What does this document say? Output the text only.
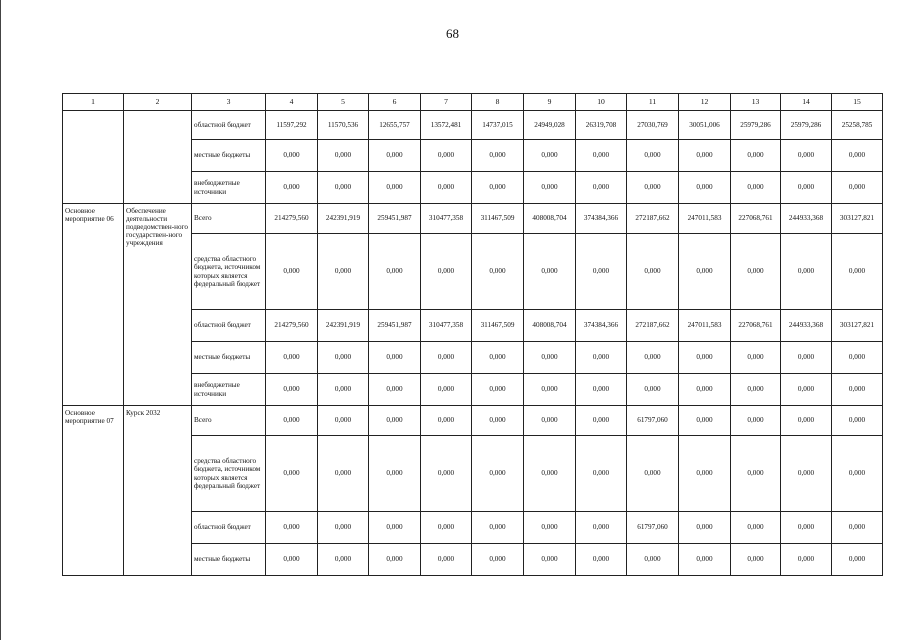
68
1	2	3	4	5	6	7	8	9	10	11	12	13	14	15
		областной бюджет	11597,292	11570,536	12655,757	13572,481	14737,015	24949,028	26319,708	27030,769	30051,006	25979,286	25979,286	25258,785
		местные бюджеты	0,000	0,000	0,000	0,000	0,000	0,000	0,000	0,000	0,000	0,000	0,000	0,000
		внебюджетные источники	0,000	0,000	0,000	0,000	0,000	0,000	0,000	0,000	0,000	0,000	0,000	0,000
Основное мероприятие 06	Обеспечение деятельности подведомствен-ного государствен-ного учреждения	Всего	214279,560	242391,919	259451,987	310477,358	311467,509	408008,704	374384,366	272187,662	247011,583	227068,761	244933,368	303127,821
		средства областного бюджета, источником которых является федеральный бюджет	0,000	0,000	0,000	0,000	0,000	0,000	0,000	0,000	0,000	0,000	0,000	0,000
		областной бюджет	214279,560	242391,919	259451,987	310477,358	311467,509	408008,704	374384,366	272187,662	247011,583	227068,761	244933,368	303127,821
		местные бюджеты	0,000	0,000	0,000	0,000	0,000	0,000	0,000	0,000	0,000	0,000	0,000	0,000
		внебюджетные источники	0,000	0,000	0,000	0,000	0,000	0,000	0,000	0,000	0,000	0,000	0,000	0,000
Основное мероприятие 07	Курск 2032	Всего	0,000	0,000	0,000	0,000	0,000	0,000	0,000	61797,060	0,000	0,000	0,000	0,000
		средства областного бюджета, источником которых является федеральный бюджет	0,000	0,000	0,000	0,000	0,000	0,000	0,000	0,000	0,000	0,000	0,000	0,000
		областной бюджет	0,000	0,000	0,000	0,000	0,000	0,000	0,000	61797,060	0,000	0,000	0,000	0,000
		местные бюджеты	0,000	0,000	0,000	0,000	0,000	0,000	0,000	0,000	0,000	0,000	0,000	0,000
